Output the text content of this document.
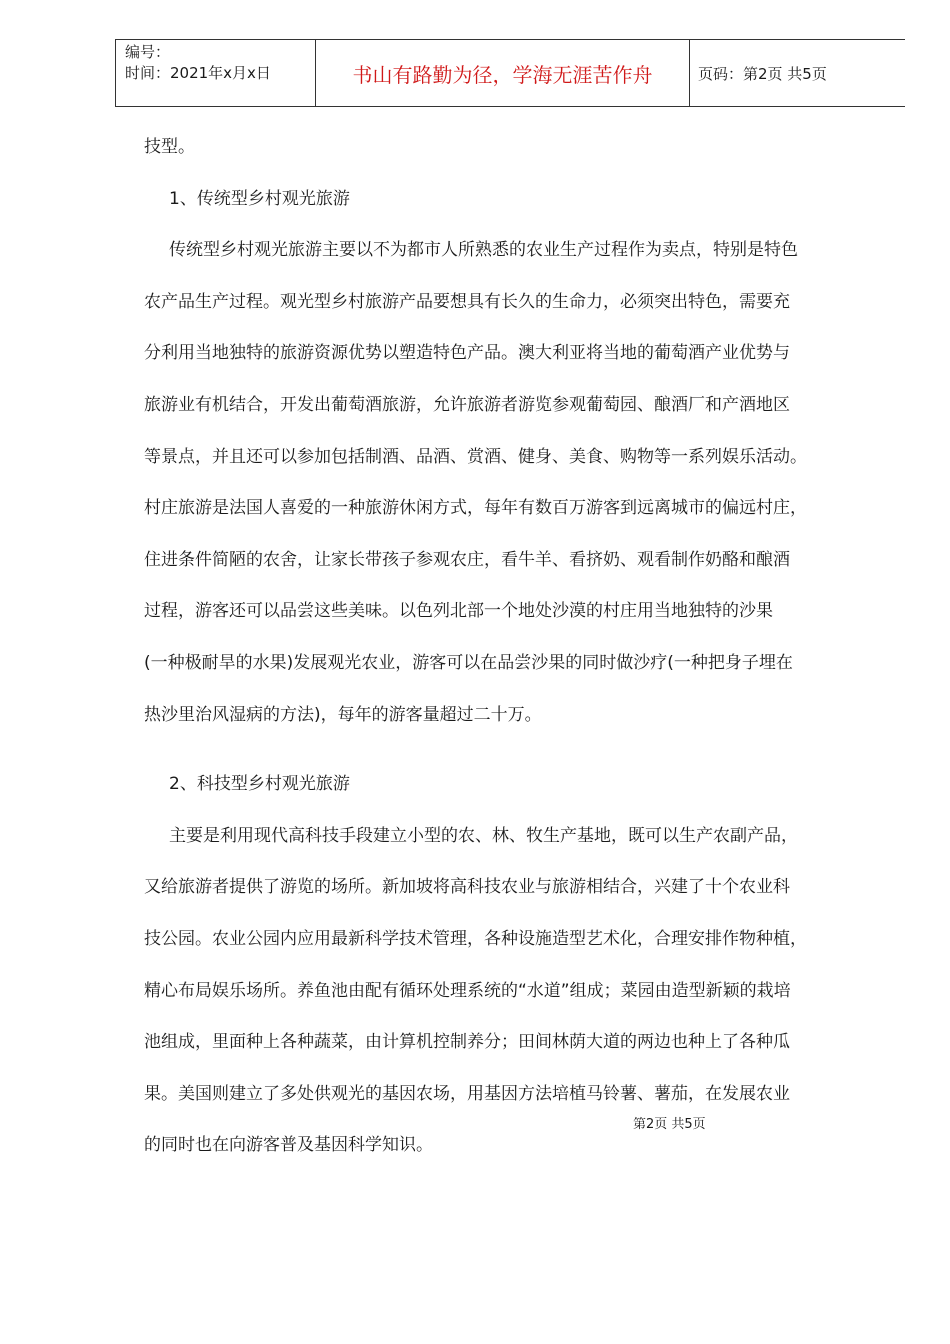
编号：
时间：2021年x月x日	书山有路勤为径，学海无涯苦作舟	页码：第2页 共5页

技型。

1、传统型乡村观光旅游

传统型乡村观光旅游主要以不为都市人所熟悉的农业生产过程作为卖点，特别是特色

农产品生产过程。观光型乡村旅游产品要想具有长久的生命力，必须突出特色，需要充

分利用当地独特的旅游资源优势以塑造特色产品。澳大利亚将当地的葡萄酒产业优势与

旅游业有机结合，开发出葡萄酒旅游，允许旅游者游览参观葡萄园、酿酒厂和产酒地区

等景点，并且还可以参加包括制酒、品酒、赏酒、健身、美食、购物等一系列娱乐活动。

村庄旅游是法国人喜爱的一种旅游休闲方式，每年有数百万游客到远离城市的偏远村庄，

住进条件简陋的农舍，让家长带孩子参观农庄，看牛羊、看挤奶、观看制作奶酪和酿酒

过程，游客还可以品尝这些美味。以色列北部一个地处沙漠的村庄用当地独特的沙果

(一种极耐旱的水果)发展观光农业，游客可以在品尝沙果的同时做沙疗(一种把身子埋在

热沙里治风湿病的方法)，每年的游客量超过二十万。

2、科技型乡村观光旅游

主要是利用现代高科技手段建立小型的农、林、牧生产基地，既可以生产农副产品，

又给旅游者提供了游览的场所。新加坡将高科技农业与旅游相结合，兴建了十个农业科

技公园。农业公园内应用最新科学技术管理，各种设施造型艺术化，合理安排作物种植，

精心布局娱乐场所。养鱼池由配有循环处理系统的“水道”组成；菜园由造型新颖的栽培

池组成，里面种上各种蔬菜，由计算机控制养分；田间林荫大道的两边也种上了各种瓜

果。美国则建立了多处供观光的基因农场，用基因方法培植马铃薯、薯茄，在发展农业

的同时也在向游客普及基因科学知识。

第2页 共5页
